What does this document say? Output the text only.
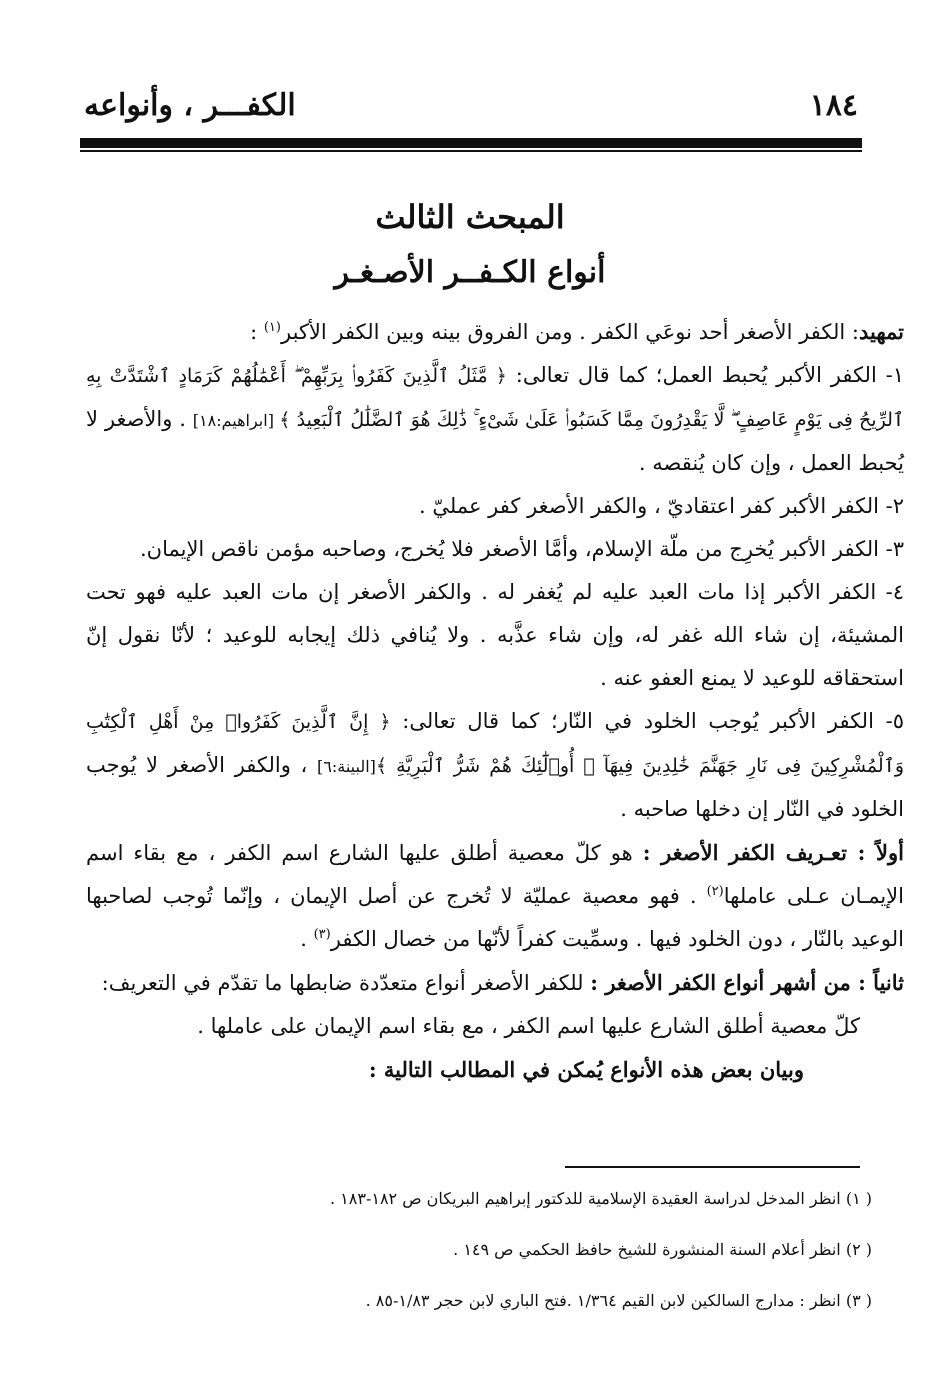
١٨٤
الكفـــر ، وأنواعه
المبحث الثالث
أنواع الكـفــر الأصـغـر

تمهيد: الكفر الأصغر أحد نوعَي الكفر . ومن الفروق بينه وبين الكفر الأكبر$^{(١)}$ :

١- الكفر الأكبر يُحبط العمل؛ كما قال تعالى: ﴿ مَّثَلُ ٱلَّذِينَ كَفَرُوا۟ بِرَبِّهِمْ ۖ أَعْمَٰلُهُمْ كَرَمَادٍ ٱشْتَدَّتْ بِهِ ٱلرِّيحُ فِى يَوْمٍ عَاصِفٍ ۖ لَّا يَقْدِرُونَ مِمَّا كَسَبُوا۟ عَلَىٰ شَىْءٍ ۚ ذَٰلِكَ هُوَ ٱلضَّلَٰلُ ٱلْبَعِيدُ ﴾ [ابراهيم:١٨] . والأصغر لا يُحبط العمل ، وإن كان يُنقصه .

٢- الكفر الأكبر كفر اعتقاديّ ، والكفر الأصغر كفر عمليّ .

٣- الكفر الأكبر يُخرِج من ملّة الإسلام، وأمَّا الأصغر فلا يُخرج، وصاحبه مؤمن ناقص الإيمان.

٤- الكفر الأكبر إذا مات العبد عليه لم يُغفر له . والكفر الأصغر إن مات العبد عليه فهو تحت المشيئة، إن شاء الله غفر له، وإن شاء عذَّبه . ولا يُنافي ذلك إيجابه للوعيد ؛ لأنّا نقول إنّ استحقاقه للوعيد لا يمنع العفو عنه .

٥- الكفر الأكبر يُوجب الخلود في النّار؛ كما قال تعالى: ﴿ إِنَّ ٱلَّذِينَ كَفَرُوا۟ مِنْ أَهْلِ ٱلْكِتَٰبِ وَٱلْمُشْرِكِينَ فِى نَارِ جَهَنَّمَ خَٰلِدِينَ فِيهَآ ۚ أُو۟لَٰٓئِكَ هُمْ شَرُّ ٱلْبَرِيَّةِ ﴾[البينة:٦] ، والكفر الأصغر لا يُوجب الخلود في النّار إن دخلها صاحبه .

أولاً : تعـريف الكفر الأصغر : هو كلّ معصية أطلق عليها الشارع اسم الكفر ، مع بقاء اسم الإيمـان عـلى عاملها$^{(٢)}$ . فهو معصية عمليّة لا تُخرج عن أصل الإيمان ، وإنّما تُوجب لصاحبها الوعيد بالنّار ، دون الخلود فيها . وسمِّيت كفراً لأنّها من خصال الكفر$^{(٣)}$ .

ثانياً : من أشهر أنواع الكفر الأصغر : للكفر الأصغر أنواع متعدّدة ضابطها ما تقدّم في التعريف:

كلّ معصية أطلق الشارع عليها اسم الكفر ، مع بقاء اسم الإيمان على عاملها .

وبيان بعض هذه الأنواع يُمكن في المطالب التالية :

( ١) انظر المدخل لدراسة العقيدة الإسلامية للدكتور إبراهيم البريكان ص ١٨٢-١٨٣ .

( ٢) انظر أعلام السنة المنشورة للشيخ حافظ الحكمي ص ١٤٩ .

( ٣) انظر : مدارج السالكين لابن القيم ١/٣٦٤ .فتح الباري لابن حجر ١/٨٣-٨٥ .
